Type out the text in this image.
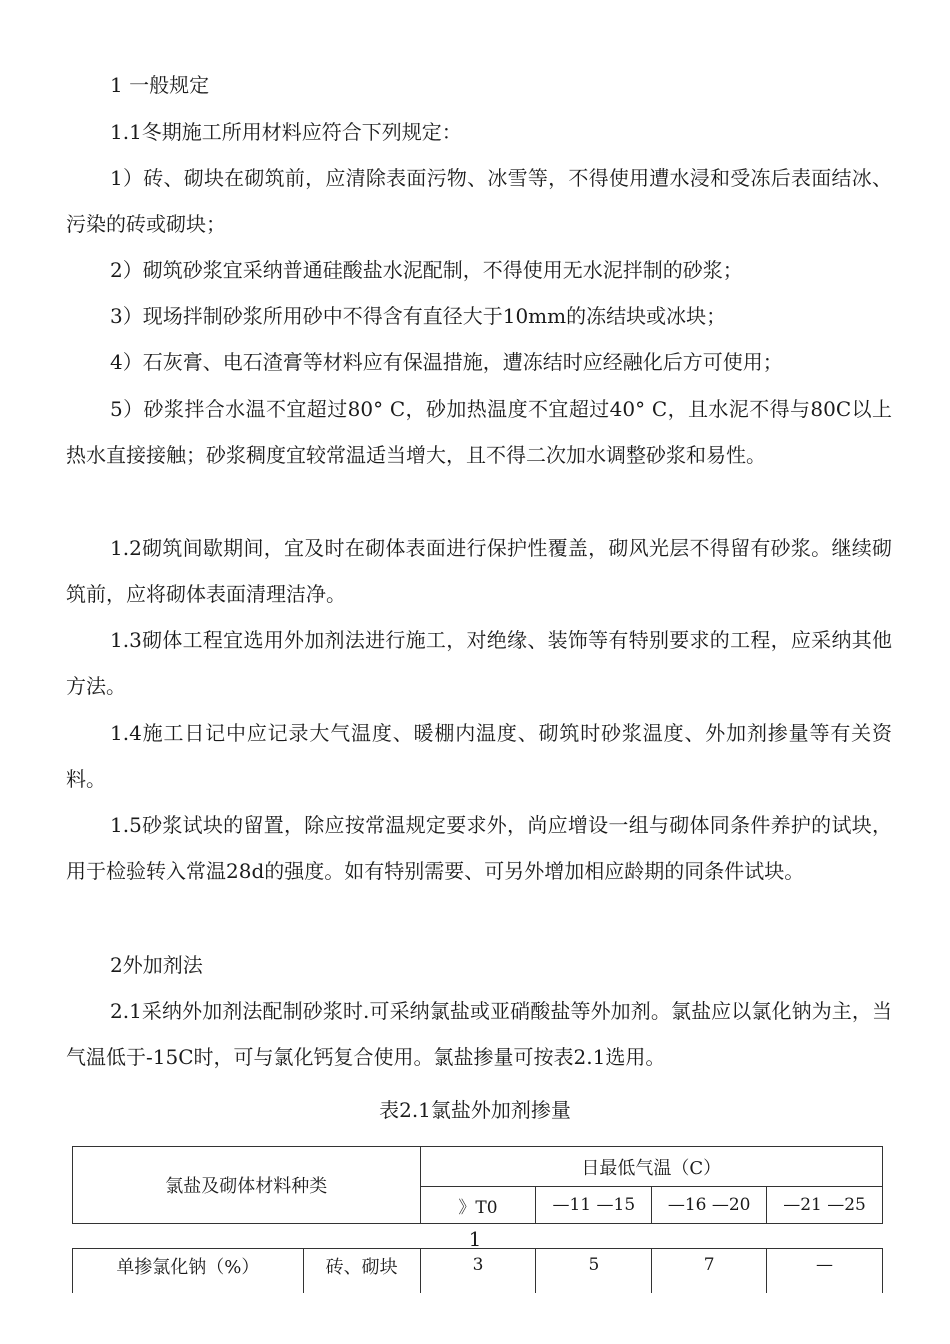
1 一般规定

1.1冬期施工所用材料应符合下列规定：

1）砖、砌块在砌筑前，应清除表面污物、冰雪等，不得使用遭水浸和受冻后表面结冰、污染的砖或砌块；

2）砌筑砂浆宜采纳普通硅酸盐水泥配制，不得使用无水泥拌制的砂浆；

3）现场拌制砂浆所用砂中不得含有直径大于10mm的冻结块或冰块；

4）石灰膏、电石渣膏等材料应有保温措施，遭冻结时应经融化后方可使用；

5）砂浆拌合水温不宜超过80° C，砂加热温度不宜超过40° C，且水泥不得与80C以上热水直接接触；砂浆稠度宜较常温适当增大，且不得二次加水调整砂浆和易性。

1.2砌筑间歇期间，宜及时在砌体表面进行保护性覆盖，砌风光层不得留有砂浆。继续砌筑前，应将砌体表面清理洁净。

1.3砌体工程宜选用外加剂法进行施工，对绝缘、装饰等有特别要求的工程，应采纳其他方法。

1.4施工日记中应记录大气温度、暖棚内温度、砌筑时砂浆温度、外加剂掺量等有关资料。

1.5砂浆试块的留置，除应按常温规定要求外，尚应增设一组与砌体同条件养护的试块，用于检验转入常温28d的强度。如有特别需要、可另外增加相应龄期的同条件试块。

2外加剂法

2.1采纳外加剂法配制砂浆时.可采纳氯盐或亚硝酸盐等外加剂。氯盐应以氯化钠为主，当气温低于-15C时，可与氯化钙复合使用。氯盐掺量可按表2.1选用。

表2.1氯盐外加剂掺量

氯盐及砌体材料种类	日最低气温（C）			
	》T0	—11 —15	—16 —20	—21 —25
1
单掺氯化钠（%）	砖、砌块	3	5	7	—
